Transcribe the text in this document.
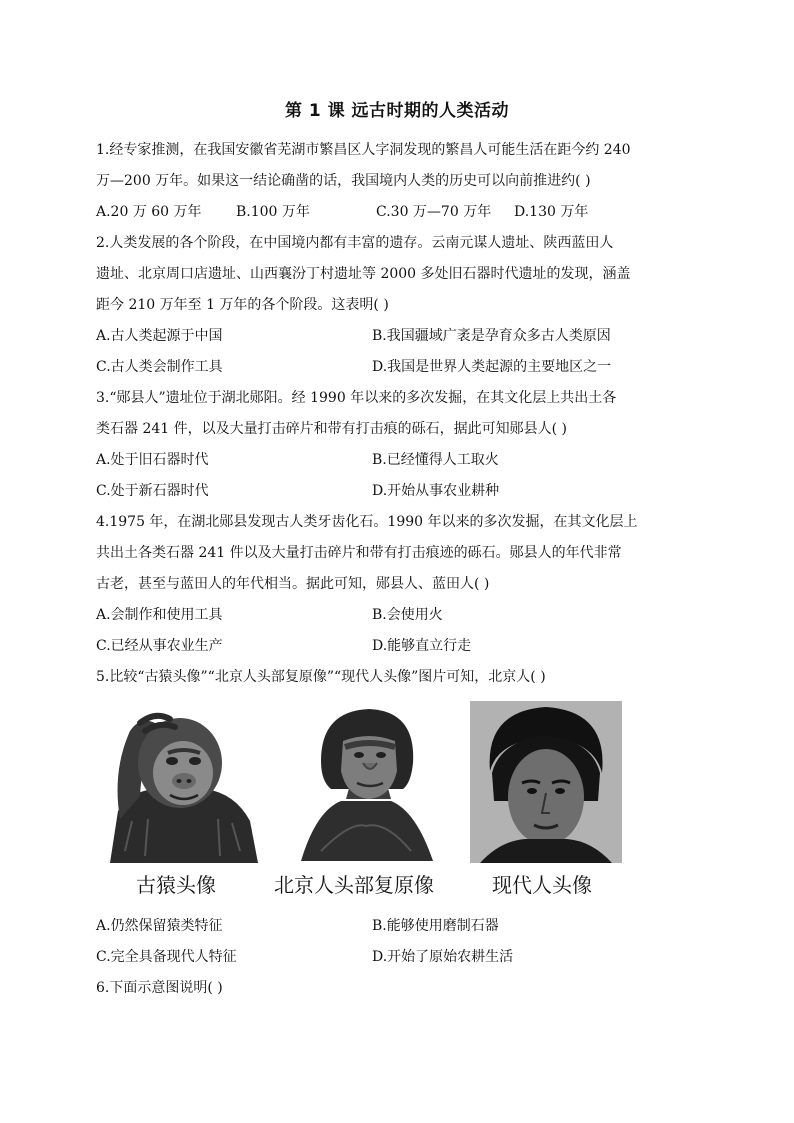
第 1 课 远古时期的人类活动

1.经专家推测，在我国安徽省芜湖市繁昌区人字洞发现的繁昌人可能生活在距今约 240

万—200 万年。如果这一结论确凿的话，我国境内人类的历史可以向前推进约( )

A.20 万 60 万年	B.100 万年	C.30 万—70 万年	D.130 万年

2.人类发展的各个阶段，在中国境内都有丰富的遗存。云南元谋人遗址、陕西蓝田人

遗址、北京周口店遗址、山西襄汾丁村遗址等 2000 多处旧石器时代遗址的发现，涵盖

距今 210 万年至 1 万年的各个阶段。这表明( )

A.古人类起源于中国	B.我国疆域广袤是孕育众多古人类原因
C.古人类会制作工具	D.我国是世界人类起源的主要地区之一

3.“郧县人”遗址位于湖北郧阳。经 1990 年以来的多次发掘，在其文化层上共出土各

类石器 241 件，以及大量打击碎片和带有打击痕的砾石，据此可知郧县人( )

A.处于旧石器时代	B.已经懂得人工取火
C.处于新石器时代	D.开始从事农业耕种

4.1975 年，在湖北郧县发现古人类牙齿化石。1990 年以来的多次发掘，在其文化层上

共出土各类石器 241 件以及大量打击碎片和带有打击痕迹的砾石。郧县人的年代非常

古老，甚至与蓝田人的年代相当。据此可知，郧县人、蓝田人( )

A.会制作和使用工具	B.会使用火
C.已经从事农业生产	D.能够直立行走

5.比较“古猿头像”“北京人头部复原像”“现代人头像”图片可知，北京人( )

古猿头像	北京人头部复原像	现代人头像
A.仍然保留猿类特征	B.能够使用磨制石器
C.完全具备现代人特征	D.开始了原始农耕生活

6.下面示意图说明( )
